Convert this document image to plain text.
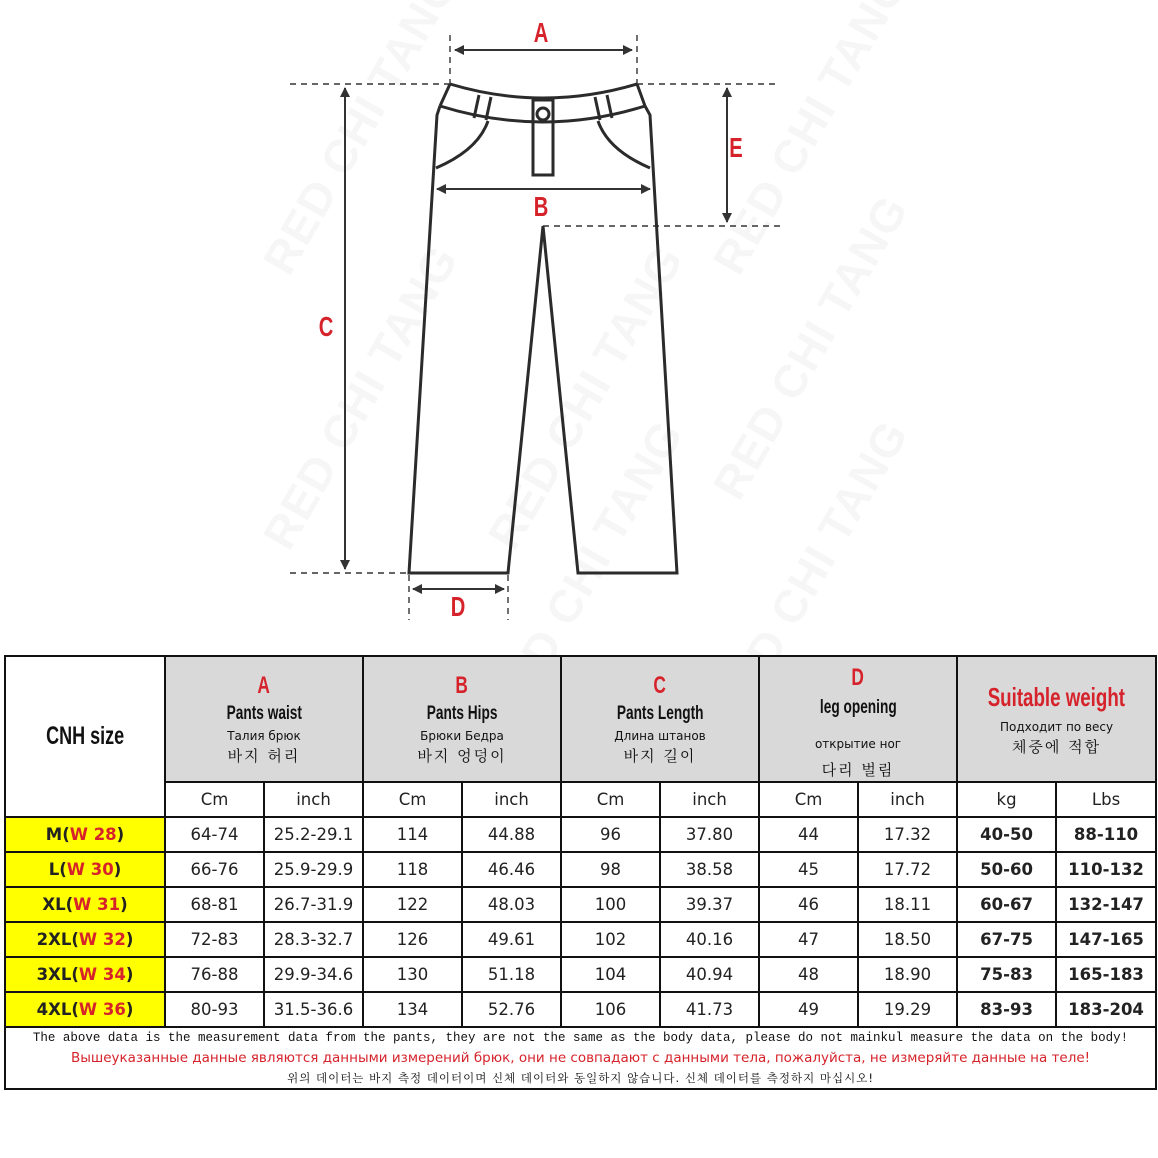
A
B
C
D
E
CNH size	
A
Pants waist
Талия брюк
바지 허리

B
Pants Hips
Брюки Бедра
바지 엉덩이

C
Pants Length
Длина штанов
바지 길이

D
leg opening
открытие ног
다리 벌림

Suitable weight
Подходит по весу
체중에 적합

	Cm	inch	Cm	inch	Cm	inch	Cm	inch	kg	Lbs
M(W 28)	64-74	25.2-29.1	114	44.88	96	37.80	44	17.32	40-50	88-110
L(W 30)	66-76	25.9-29.9	118	46.46	98	38.58	45	17.72	50-60	110-132
XL(W 31)	68-81	26.7-31.9	122	48.03	100	39.37	46	18.11	60-67	132-147
2XL(W 32)	72-83	28.3-32.7	126	49.61	102	40.16	47	18.50	67-75	147-165
3XL(W 34)	76-88	29.9-34.6	130	51.18	104	40.94	48	18.90	75-83	165-183
4XL(W 36)	80-93	31.5-36.6	134	52.76	106	41.73	49	19.29	83-93	183-204

The above data is the measurement data from the pants, they are not the same as the body data, please do not mainkul measure the data on the body!
Вышеуказанные данные являются данными измерений брюк, они не совпадают с данными тела, пожалуйста, не измеряйте данные на теле!
위의 데이터는 바지 측정 데이터이며 신체 데이터와 동일하지 않습니다. 신체 데이터를 측정하지 마십시오!										
